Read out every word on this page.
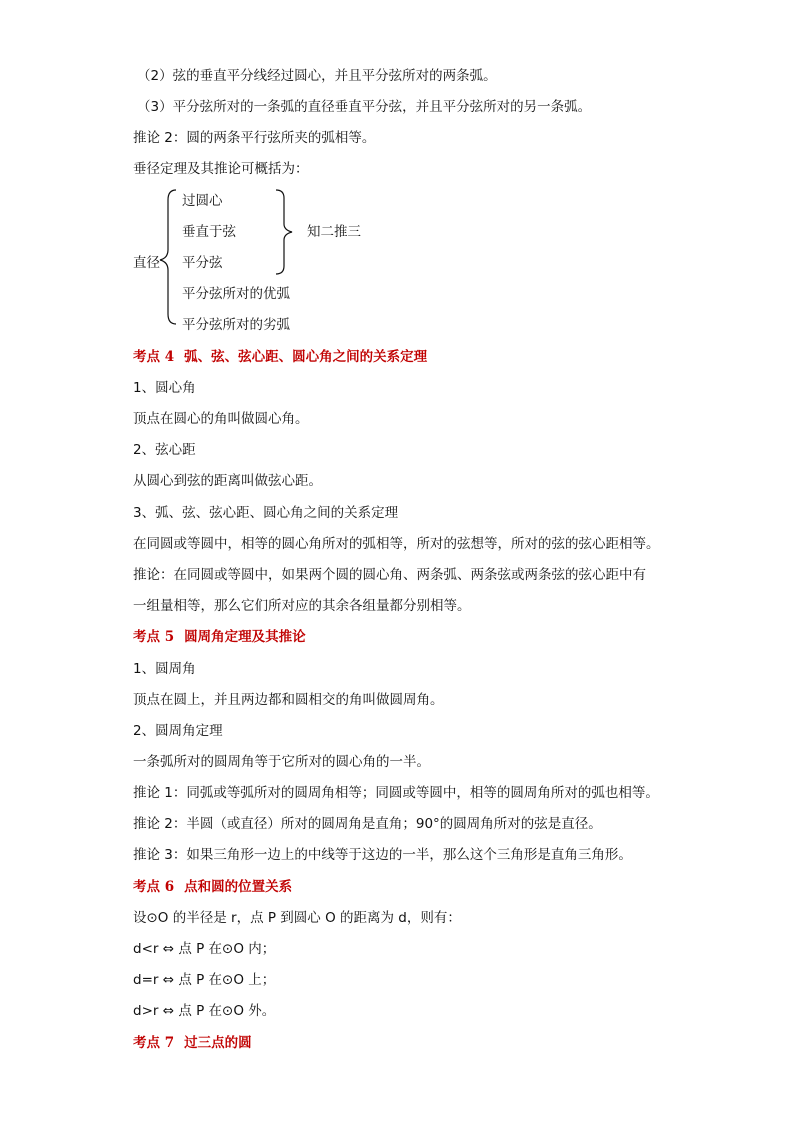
（2）弦的垂直平分线经过圆心，并且平分弦所对的两条弧。
（3）平分弦所对的一条弧的直径垂直平分弦，并且平分弦所对的另一条弧。
推论 2：圆的两条平行弦所夹的弧相等。
垂径定理及其推论可概括为：
直径
过圆心
垂直于弦
平分弦
平分弦所对的优弧
平分弦所对的劣弧
知二推三
考点 4 弧、弦、弦心距、圆心角之间的关系定理
1、圆心角
顶点在圆心的角叫做圆心角。
2、弦心距
从圆心到弦的距离叫做弦心距。
3、弧、弦、弦心距、圆心角之间的关系定理
在同圆或等圆中，相等的圆心角所对的弧相等，所对的弦想等，所对的弦的弦心距相等。
推论：在同圆或等圆中，如果两个圆的圆心角、两条弧、两条弦或两条弦的弦心距中有
一组量相等，那么它们所对应的其余各组量都分别相等。
考点 5 圆周角定理及其推论
1、圆周角
顶点在圆上，并且两边都和圆相交的角叫做圆周角。
2、圆周角定理
一条弧所对的圆周角等于它所对的圆心角的一半。
推论 1：同弧或等弧所对的圆周角相等；同圆或等圆中，相等的圆周角所对的弧也相等。
推论 2：半圆（或直径）所对的圆周角是直角；90°的圆周角所对的弦是直径。
推论 3：如果三角形一边上的中线等于这边的一半，那么这个三角形是直角三角形。
考点 6 点和圆的位置关系
设⊙O 的半径是 r，点 P 到圆心 O 的距离为 d，则有：
d<r ⇔ 点 P 在⊙O 内；
d=r ⇔ 点 P 在⊙O 上；
d>r ⇔ 点 P 在⊙O 外。
考点 7 过三点的圆
